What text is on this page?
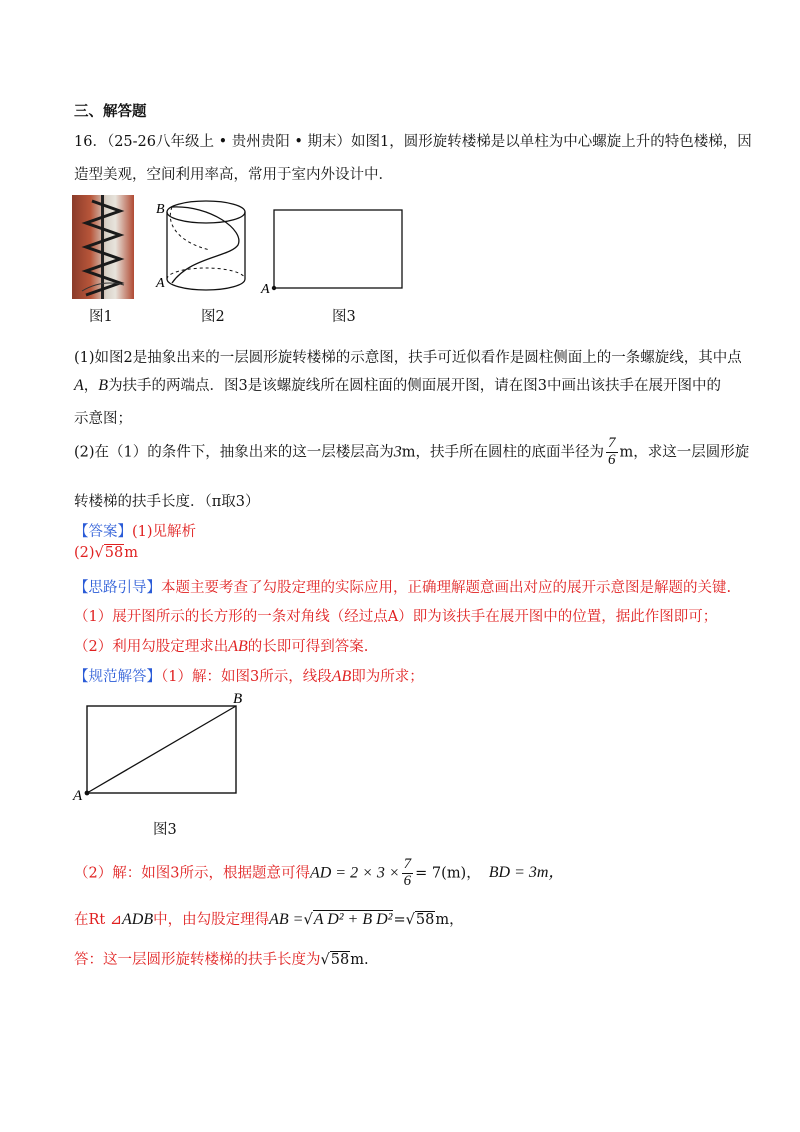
三、解答题
16．（25-26八年级上 • 贵州贵阳 • 期末）如图1，圆形旋转楼梯是以单柱为中心螺旋上升的特色楼梯，因
造型美观，空间利用率高，常用于室内外设计中．
图1
B
A
图2
A
图3
(1)如图2是抽象出来的一层圆形旋转楼梯的示意图，扶手可近似看作是圆柱侧面上的一条螺旋线，其中点
A，B为扶手的两端点．图3是该螺旋线所在圆柱面的侧面展开图，请在图3中画出该扶手在展开图中的
示意图；
(2)在（1）的条件下，抽象出来的这一层楼层高为3m，扶手所在圆柱的底面半径为 $\frac{7}{6}$ m，求这一层圆形旋
转楼梯的扶手长度．（π取3）
【答案】(1)见解析
(2)√58m
【思路引导】本题主要考查了勾股定理的实际应用，正确理解题意画出对应的展开示意图是解题的关键.
（1）展开图所示的长方形的一条对角线（经过点A）即为该扶手在展开图中的位置，据此作图即可；
（2）利用勾股定理求出AB的长即可得到答案.
【规范解答】（1）解：如图3所示，线段AB即为所求；
A
B
图3
（2）解：如图3所示，根据题意可得AD = $2 \times 3 \times \frac{7}{6} = 7(m)$， BD = 3m，
在Rt ⊿ADB中，由勾股定理得AB =√A D² + B D²=√58m，
答：这一层圆形旋转楼梯的扶手长度为√58m.
